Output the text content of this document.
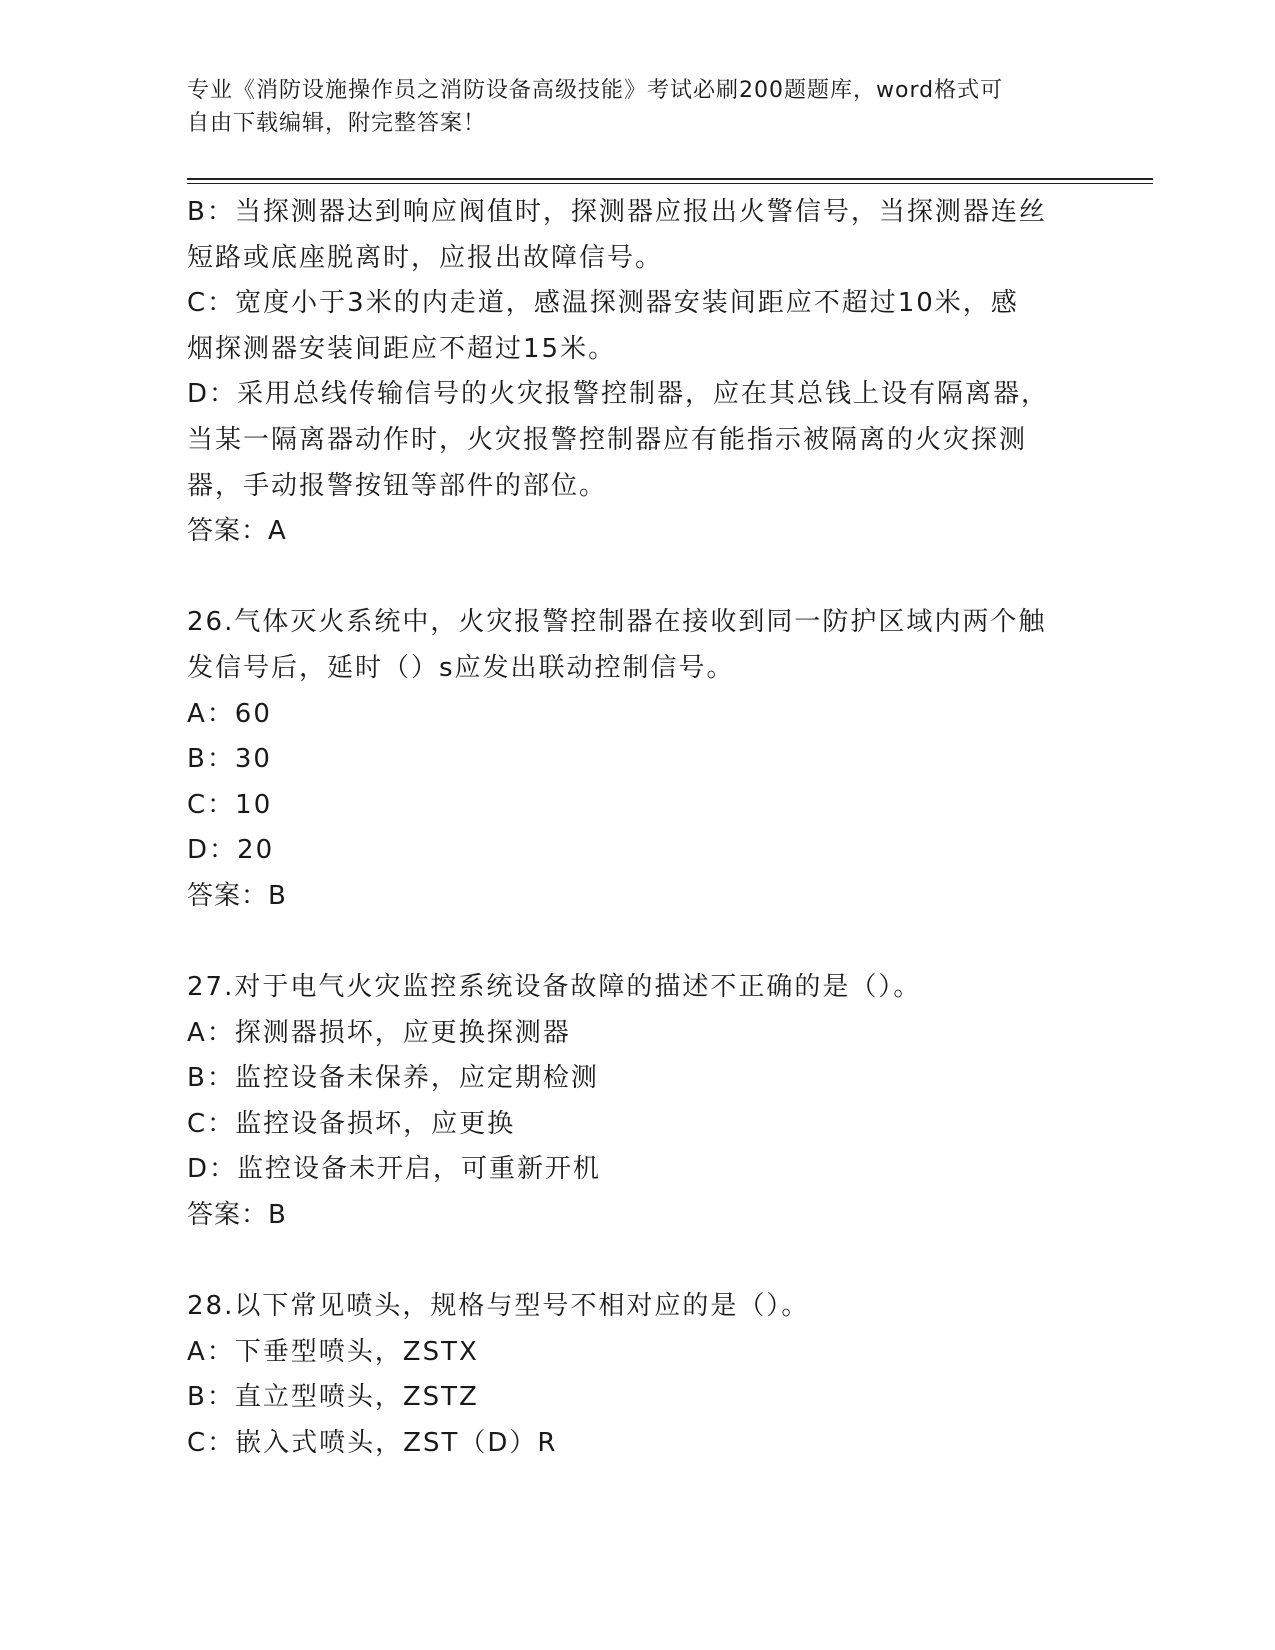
专业《消防设施操作员之消防设备高级技能》考试必刷200题题库，word格式可
自由下载编辑，附完整答案！
B：当探测器达到响应阀值时，探测器应报出火警信号，当探测器连丝
短路或底座脱离时，应报出故障信号。
C：宽度小于3米的内走道，感温探测器安装间距应不超过10米，感
烟探测器安装间距应不超过15米。
D：采用总线传输信号的火灾报警控制器，应在其总钱上设有隔离器，
当某一隔离器动作时，火灾报警控制器应有能指示被隔离的火灾探测
器，手动报警按钮等部件的部位。
答案：A
26.气体灭火系统中，火灾报警控制器在接收到同一防护区域内两个触
发信号后，延时（）s应发出联动控制信号。
A：60
B：30
C：10
D：20
答案：B
27.对于电气火灾监控系统设备故障的描述不正确的是（）。
A：探测器损坏，应更换探测器
B：监控设备未保养，应定期检测
C：监控设备损坏，应更换
D：监控设备未开启，可重新开机
答案：B
28.以下常见喷头，规格与型号不相对应的是（）。
A：下垂型喷头，ZSTX
B：直立型喷头，ZSTZ
C：嵌入式喷头，ZST（D）R
